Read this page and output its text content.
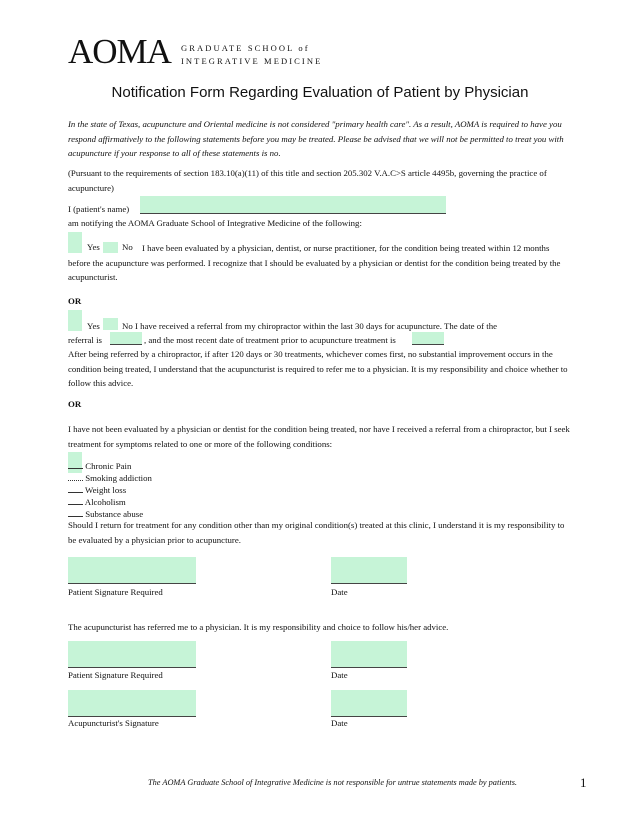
AOMA GRADUATE SCHOOL of
INTEGRATIVE MEDICINE
Notification Form Regarding Evaluation of Patient by Physician
In the state of Texas, acupuncture and Oriental medicine is not considered "primary health care". As a result, AOMA is required to have you respond affirmatively to the following statements before you may be treated. Please be advised that we will not be permitted to treat you with acupuncture if your response to all of these statements is no.
(Pursuant to the requirements of section 183.10(a)(11) of this title and section 205.302 V.A.C>S article 4495b, governing the practice of acupuncture)
I (patient's name)
am notifying the AOMA Graduate School of Integrative Medicine of the following:
Yes	No	I have been evaluated by a physician, dentist, or nurse practitioner, for the condition being treated within 12 months before the acupuncture was performed. I recognize that I should be evaluated by a physician or dentist for the condition being treated by the acupuncturist.
OR
Yes	No I have received a referral from my chiropractor within the last 30 days for acupuncture. The date of the
referral is	, and the most recent date of treatment prior to acupuncture treatment is
After being referred by a chiropractor, if after 120 days or 30 treatments, whichever comes first, no substantial improvement occurs in the condition being treated, I understand that the acupuncturist is required to refer me to a physician. It is my responsibility and choice whether to follow this advice.
OR
I have not been evaluated by a physician or dentist for the condition being treated, nor have I received a referral from a chiropractor, but I seek treatment for symptoms related to one or more of the following conditions:
Chronic Pain
Smoking addiction
Weight loss
Alcoholism
Substance abuse
Should I return for treatment for any condition other than my original condition(s) treated at this clinic, I understand it is my responsibility to be evaluated by a physician prior to acupuncture.
Patient Signature Required	Date
The acupuncturist has referred me to a physician. It is my responsibility and choice to follow his/her advice.
Patient Signature Required	Date
Acupuncturist's Signature	Date
The AOMA Graduate School of Integrative Medicine is not responsible for untrue statements made by patients.	1
